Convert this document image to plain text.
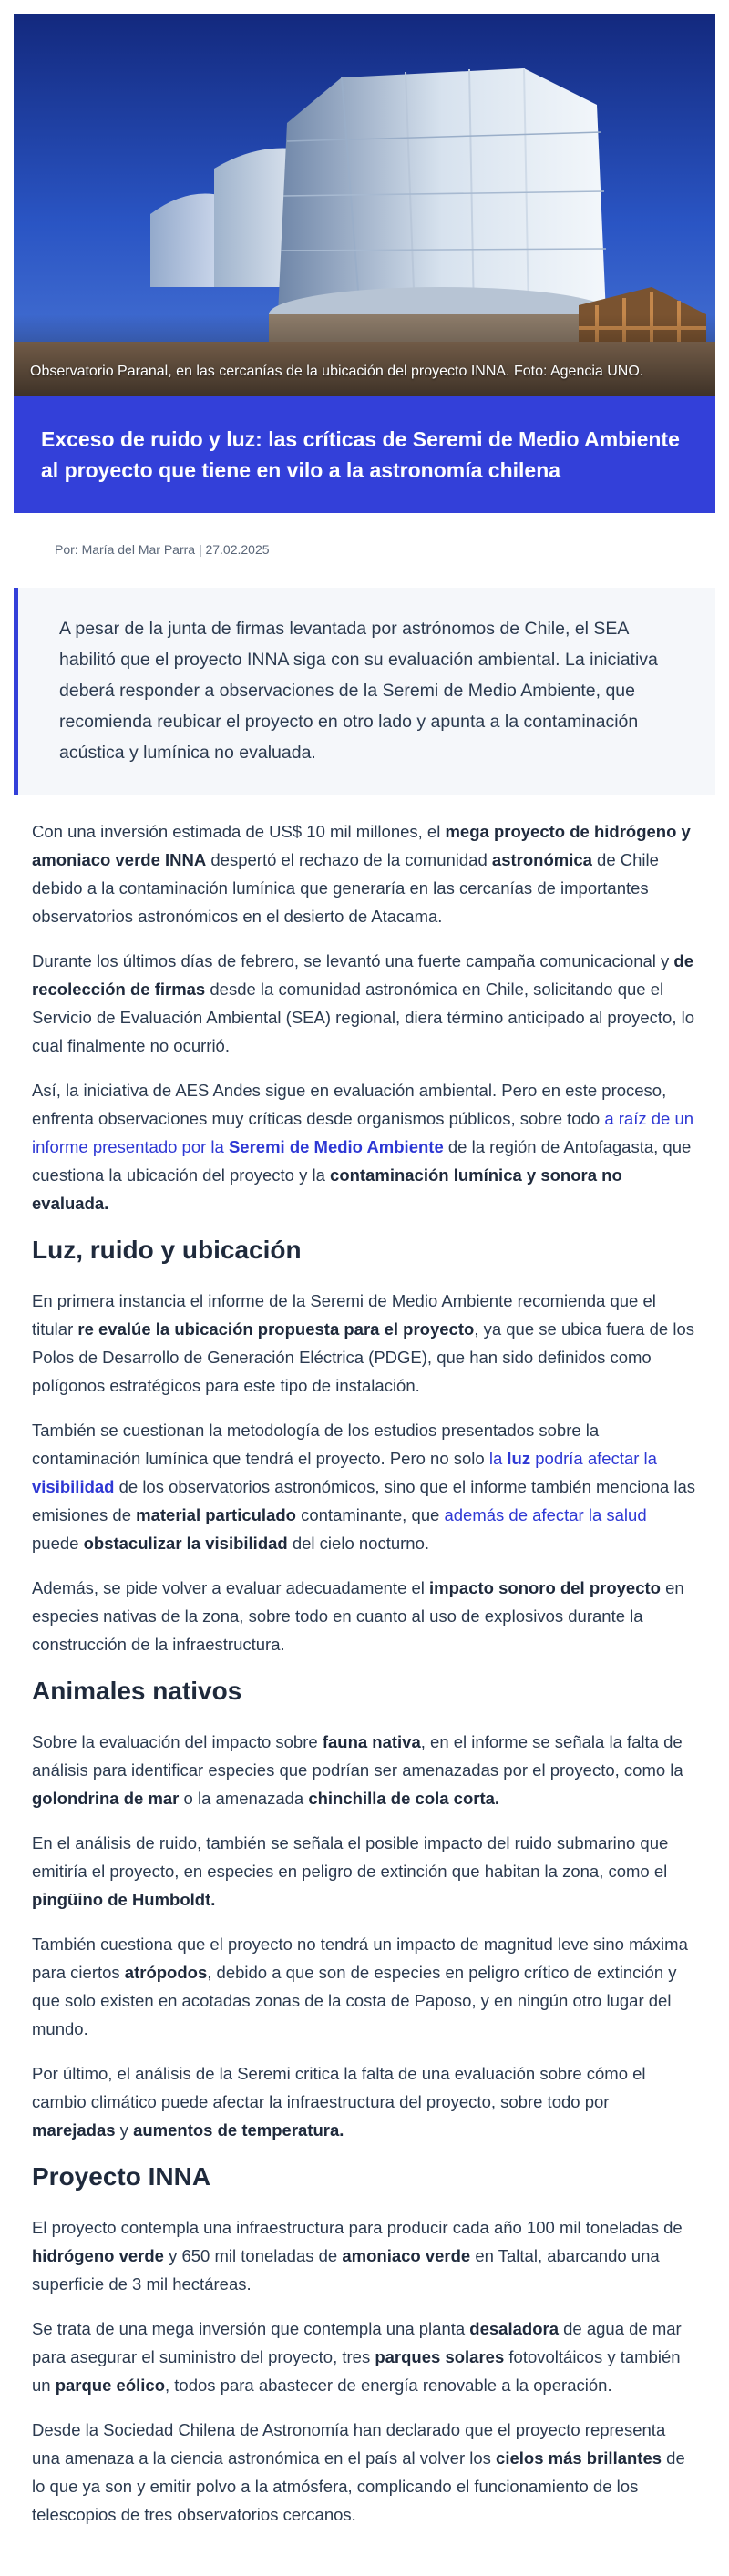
Observatorio Paranal, en las cercanías de la ubicación del proyecto INNA. Foto: Agencia UNO.
Exceso de ruido y luz: las críticas de Seremi de Medio Ambiente al proyecto que tiene en vilo a la astronomía chilena
Por: María del Mar Parra | 27.02.2025
A pesar de la junta de firmas levantada por astrónomos de Chile, el SEA habilitó que el proyecto INNA siga con su evaluación ambiental. La iniciativa deberá responder a observaciones de la Seremi de Medio Ambiente, que recomienda reubicar el proyecto en otro lado y apunta a la contaminación acústica y lumínica no evaluada.

Con una inversión estimada de US$ 10 mil millones, el mega proyecto de hidrógeno y amoniaco verde INNA despertó el rechazo de la comunidad astronómica de Chile debido a la contaminación lumínica que generaría en las cercanías de importantes observatorios astronómicos en el desierto de Atacama.

Durante los últimos días de febrero, se levantó una fuerte campaña comunicacional y de recolección de firmas desde la comunidad astronómica en Chile, solicitando que el Servicio de Evaluación Ambiental (SEA) regional, diera término anticipado al proyecto, lo cual finalmente no ocurrió.

Así, la iniciativa de AES Andes sigue en evaluación ambiental. Pero en este proceso, enfrenta observaciones muy críticas desde organismos públicos, sobre todo a raíz de un informe presentado por la Seremi de Medio Ambiente de la región de Antofagasta, que cuestiona la ubicación del proyecto y la contaminación lumínica y sonora no evaluada.

Luz, ruido y ubicación

En primera instancia el informe de la Seremi de Medio Ambiente recomienda que el titular re evalúe la ubicación propuesta para el proyecto, ya que se ubica fuera de los Polos de Desarrollo de Generación Eléctrica (PDGE), que han sido definidos como polígonos estratégicos para este tipo de instalación.

También se cuestionan la metodología de los estudios presentados sobre la contaminación lumínica que tendrá el proyecto. Pero no solo la luz podría afectar la visibilidad de los observatorios astronómicos, sino que el informe también menciona las emisiones de material particulado contaminante, que además de afectar la salud puede obstaculizar la visibilidad del cielo nocturno.

Además, se pide volver a evaluar adecuadamente el impacto sonoro del proyecto en especies nativas de la zona, sobre todo en cuanto al uso de explosivos durante la construcción de la infraestructura.

Animales nativos

Sobre la evaluación del impacto sobre fauna nativa, en el informe se señala la falta de análisis para identificar especies que podrían ser amenazadas por el proyecto, como la golondrina de mar o la amenazada chinchilla de cola corta.

En el análisis de ruido, también se señala el posible impacto del ruido submarino que emitiría el proyecto, en especies en peligro de extinción que habitan la zona, como el pingüino de Humboldt.

También cuestiona que el proyecto no tendrá un impacto de magnitud leve sino máxima para ciertos atrópodos, debido a que son de especies en peligro crítico de extinción y que solo existen en acotadas zonas de la costa de Paposo, y en ningún otro lugar del mundo.

Por último, el análisis de la Seremi critica la falta de una evaluación sobre cómo el cambio climático puede afectar la infraestructura del proyecto, sobre todo por marejadas y aumentos de temperatura.

Proyecto INNA

El proyecto contempla una infraestructura para producir cada año 100 mil toneladas de hidrógeno verde y 650 mil toneladas de amoniaco verde en Taltal, abarcando una superficie de 3 mil hectáreas.

Se trata de una mega inversión que contempla una planta desaladora de agua de mar para asegurar el suministro del proyecto, tres parques solares fotovoltáicos y también un parque eólico, todos para abastecer de energía renovable a la operación.

Desde la Sociedad Chilena de Astronomía han declarado que el proyecto representa una amenaza a la ciencia astronómica en el país al volver los cielos más brillantes de lo que ya son y emitir polvo a la atmósfera, complicando el funcionamiento de los telescopios de tres observatorios cercanos.
